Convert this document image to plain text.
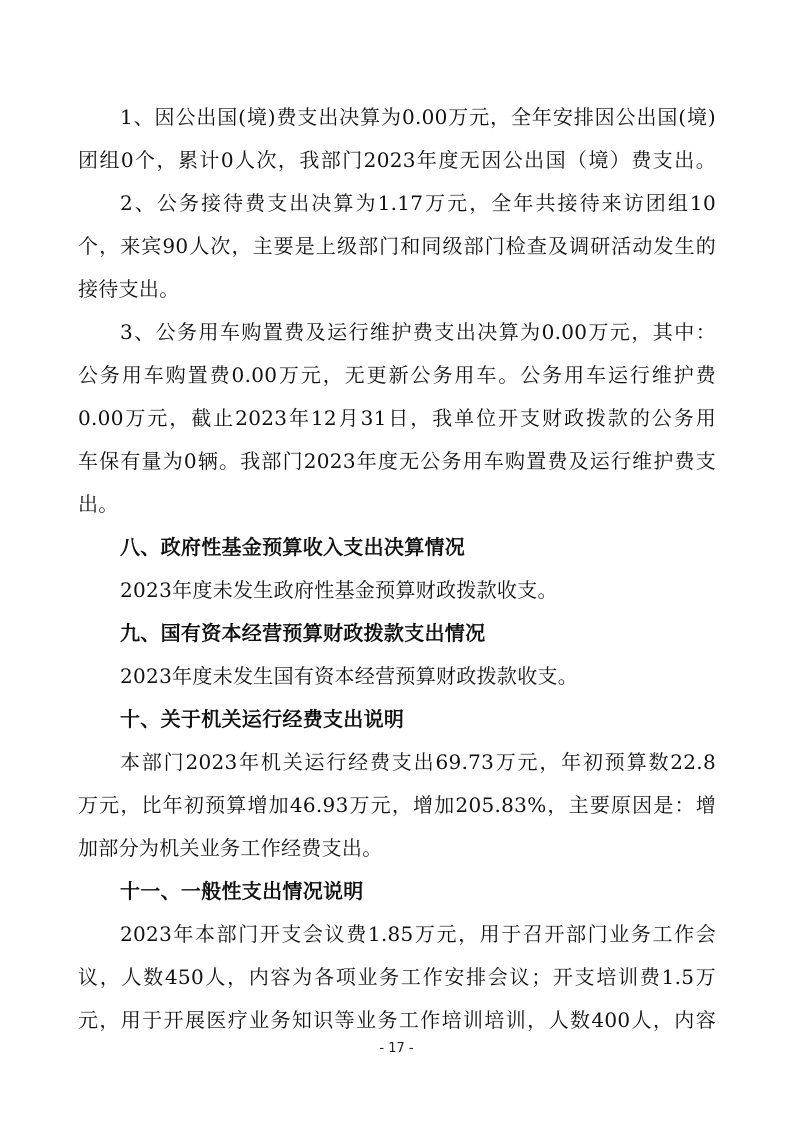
1、因公出国(境)费支出决算为0.00万元，全年安排因公出国(境)
团组0个，累计0人次，我部门2023年度无因公出国（境）费支出。
2、公务接待费支出决算为1.17万元，全年共接待来访团组10
个，来宾90人次，主要是上级部门和同级部门检查及调研活动发生的
接待支出。
3、公务用车购置费及运行维护费支出决算为0.00万元，其中：
公务用车购置费0.00万元，无更新公务用车。公务用车运行维护费
0.00万元，截止2023年12月31日，我单位开支财政拨款的公务用
车保有量为0辆。我部门2023年度无公务用车购置费及运行维护费支
出。
八、政府性基金预算收入支出决算情况
2023年度未发生政府性基金预算财政拨款收支。
九、国有资本经营预算财政拨款支出情况
2023年度未发生国有资本经营预算财政拨款收支。
十、关于机关运行经费支出说明
本部门2023年机关运行经费支出69.73万元，年初预算数22.8
万元，比年初预算增加46.93万元，增加205.83%，主要原因是：增
加部分为机关业务工作经费支出。
十一、一般性支出情况说明
2023年本部门开支会议费1.85万元，用于召开部门业务工作会
议，人数450人，内容为各项业务工作安排会议；开支培训费1.5万
元，用于开展医疗业务知识等业务工作培训培训，人数400人，内容
- 17 -
